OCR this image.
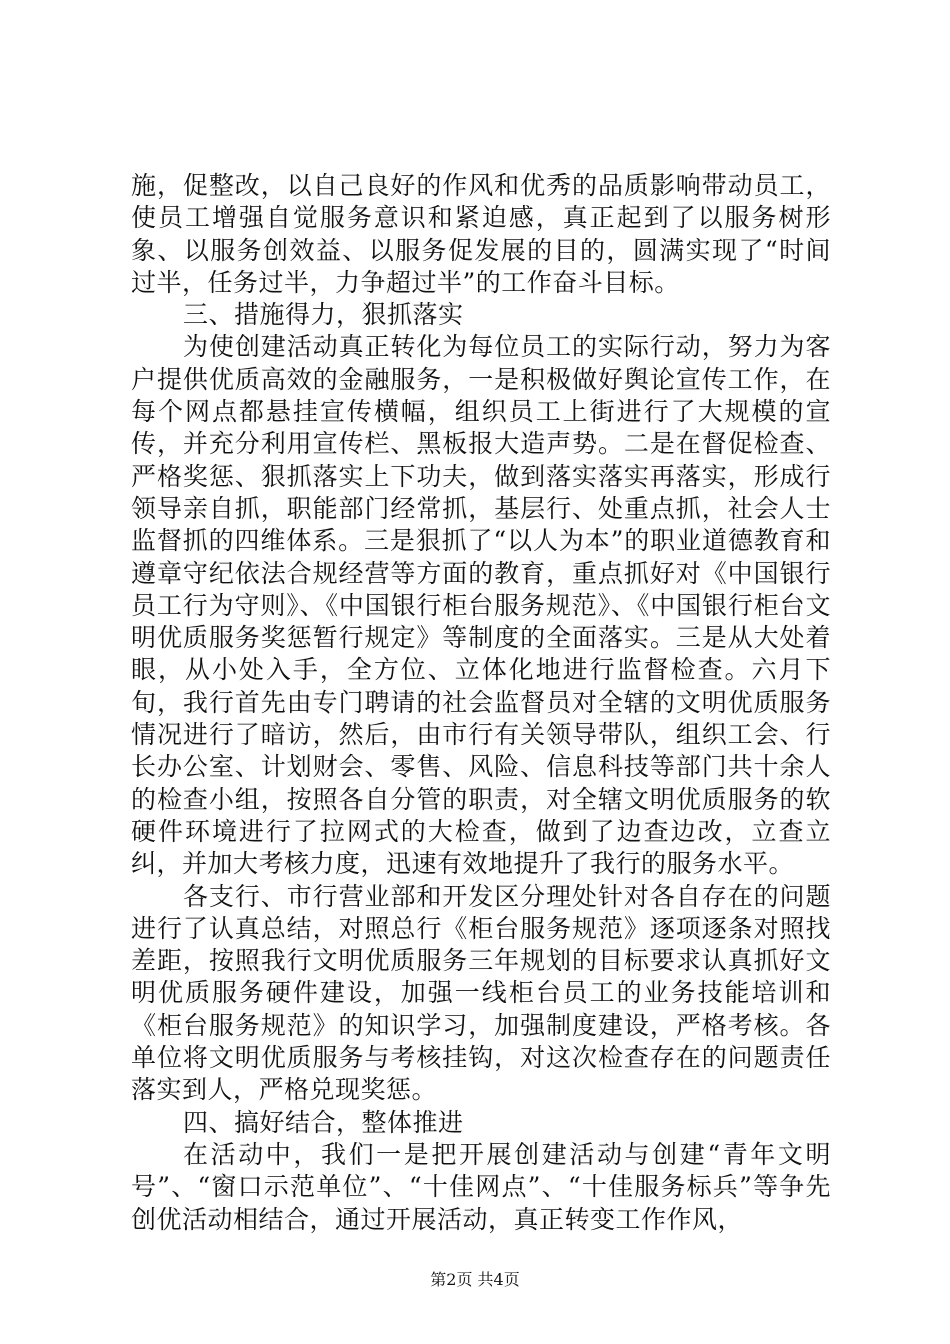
施，促整改，以自己良好的作风和优秀的品质影响带动员工，使员工增强自觉服务意识和紧迫感，真正起到了以服务树形象、以服务创效益、以服务促发展的目的，圆满实现了“时间过半，任务过半，力争超过半”的工作奋斗目标。

三、措施得力，狠抓落实

为使创建活动真正转化为每位员工的实际行动，努力为客户提供优质高效的金融服务，一是积极做好舆论宣传工作，在每个网点都悬挂宣传横幅，组织员工上街进行了大规模的宣传，并充分利用宣传栏、黑板报大造声势。二是在督促检查、严格奖惩、狠抓落实上下功夫，做到落实落实再落实，形成行领导亲自抓，职能部门经常抓，基层行、处重点抓，社会人士监督抓的四维体系。三是狠抓了“以人为本”的职业道德教育和遵章守纪依法合规经营等方面的教育，重点抓好对《中国银行员工行为守则》、《中国银行柜台服务规范》、《中国银行柜台文明优质服务奖惩暂行规定》等制度的全面落实。三是从大处着眼，从小处入手，全方位、立体化地进行监督检查。六月下旬，我行首先由专门聘请的社会监督员对全辖的文明优质服务情况进行了暗访，然后，由市行有关领导带队，组织工会、行长办公室、计划财会、零售、风险、信息科技等部门共十余人的检查小组，按照各自分管的职责，对全辖文明优质服务的软硬件环境进行了拉网式的大检查，做到了边查边改，立查立纠，并加大考核力度，迅速有效地提升了我行的服务水平。

各支行、市行营业部和开发区分理处针对各自存在的问题进行了认真总结，对照总行《柜台服务规范》逐项逐条对照找差距，按照我行文明优质服务三年规划的目标要求认真抓好文明优质服务硬件建设，加强一线柜台员工的业务技能培训和《柜台服务规范》的知识学习，加强制度建设，严格考核。各单位将文明优质服务与考核挂钩，对这次检查存在的问题责任落实到人，严格兑现奖惩。

四、搞好结合，整体推进

在活动中，我们一是把开展创建活动与创建“青年文明号”、“窗口示范单位”、“十佳网点”、“十佳服务标兵”等争先创优活动相结合，通过开展活动，真正转变工作作风，

第2页 共4页
